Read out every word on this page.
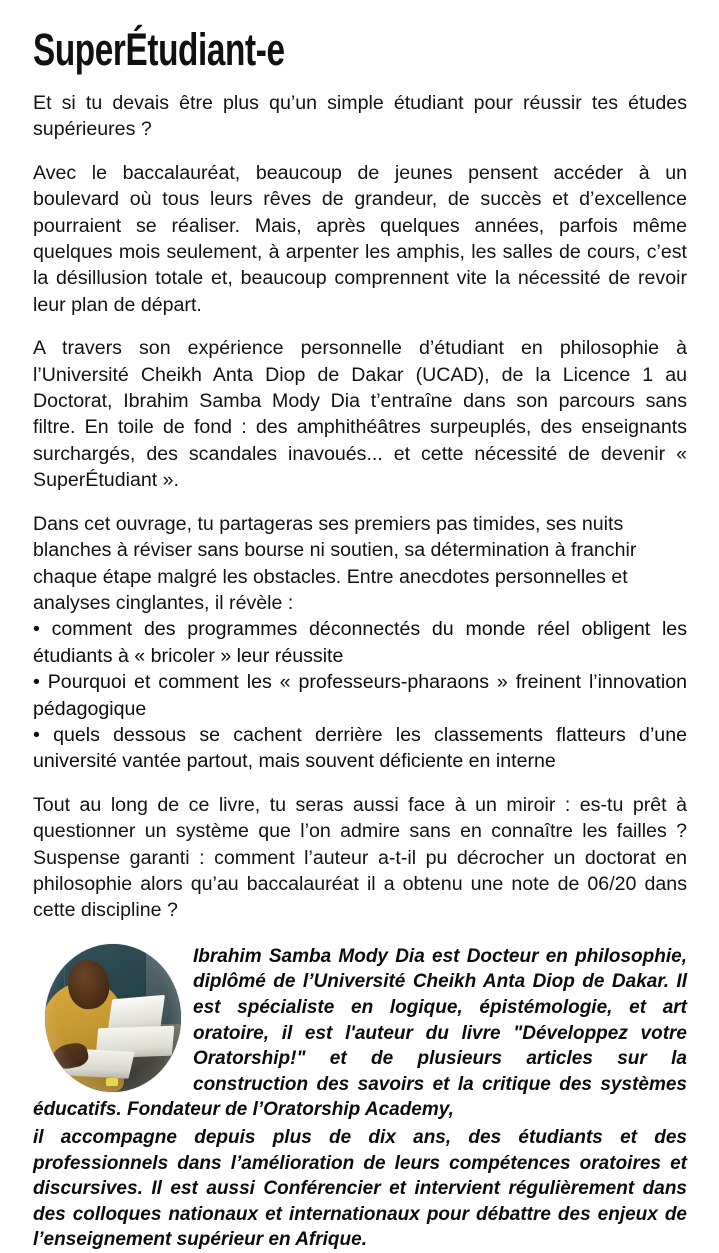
SuperÉtudiant-e

Et si tu devais être plus qu’un simple étudiant pour réussir tes études supérieures ?

Avec le baccalauréat, beaucoup de jeunes pensent accéder à un boulevard où tous leurs rêves de grandeur, de succès et d’excellence pourraient se réaliser. Mais, après quelques années, parfois même quelques mois seulement, à arpenter les amphis, les salles de cours, c’est la désillusion totale et, beaucoup comprennent vite la nécessité de revoir leur plan de départ.

A travers son expérience personnelle d’étudiant en philosophie à l’Université Cheikh Anta Diop de Dakar (UCAD), de la Licence 1 au Doctorat, Ibrahim Samba Mody Dia t’entraîne dans son parcours sans filtre. En toile de fond : des amphithéâtres surpeuplés, des enseignants surchargés, des scandales inavoués... et cette nécessité de devenir « SuperÉtudiant ».

Dans cet ouvrage, tu partageras ses premiers pas timides, ses nuits blanches à réviser sans bourse ni soutien, sa détermination à franchir chaque étape malgré les obstacles. Entre anecdotes personnelles et analyses cinglantes, il révèle :

• comment des programmes déconnectés du monde réel obligent les étudiants à « bricoler » leur réussite

• Pourquoi et comment les « professeurs-pharaons » freinent l’innovation pédagogique

• quels dessous se cachent derrière les classements flatteurs d’une université vantée partout, mais souvent déficiente en interne

Tout au long de ce livre, tu seras aussi face à un miroir : es-tu prêt à questionner un système que l’on admire sans en connaître les failles ? Suspense garanti : comment l’auteur a-t-il pu décrocher un doctorat en philosophie alors qu’au baccalauréat il a obtenu une note de 06/20 dans cette discipline ?

Ibrahim Samba Mody Dia est Docteur en philosophie, diplômé de l’Université Cheikh Anta Diop de Dakar. Il est spécialiste en logique, épistémologie, et art oratoire, il est l'auteur du livre "Développez votre Oratorship!" et de plusieurs articles sur la construction des savoirs et la critique des systèmes éducatifs. Fondateur de l’Oratorship Academy,

il accompagne depuis plus de dix ans, des étudiants et des professionnels dans l’amélioration de leurs compétences oratoires et discursives. Il est aussi Conférencier et intervient régulièrement dans des colloques nationaux et internationaux pour débattre des enjeux de l’enseignement supérieur en Afrique.
